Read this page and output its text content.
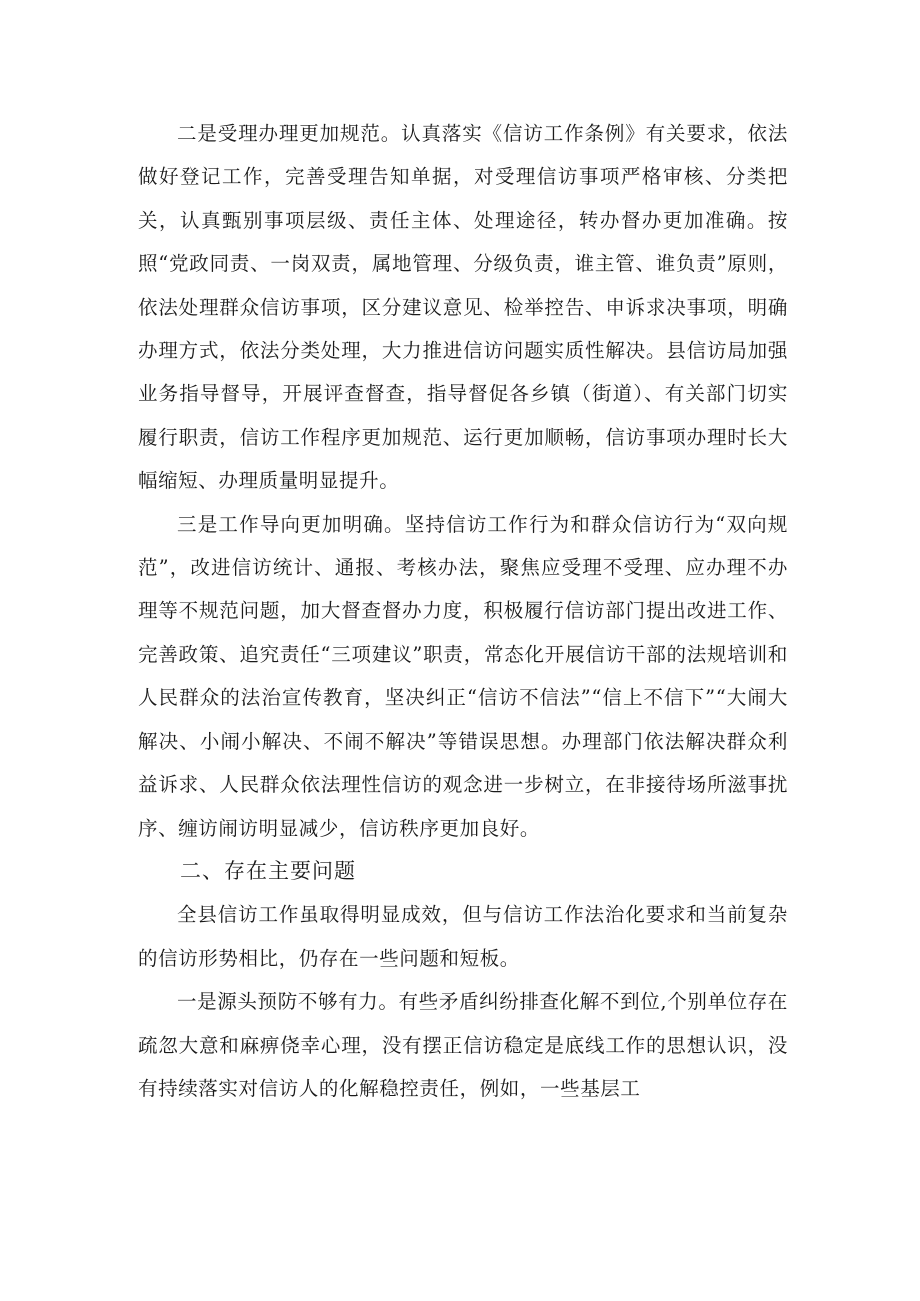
二是受理办理更加规范。认真落实《信访工作条例》有关要求，依法做好登记工作，完善受理告知单据，对受理信访事项严格审核、分类把关，认真甄别事项层级、责任主体、处理途径，转办督办更加准确。按照“党政同责、一岗双责，属地管理、分级负责，谁主管、谁负责”原则，依法处理群众信访事项，区分建议意见、检举控告、申诉求决事项，明确办理方式，依法分类处理，大力推进信访问题实质性解决。县信访局加强业务指导督导，开展评查督查，指导督促各乡镇（街道）、有关部门切实履行职责，信访工作程序更加规范、运行更加顺畅，信访事项办理时长大幅缩短、办理质量明显提升。

三是工作导向更加明确。坚持信访工作行为和群众信访行为“双向规范”，改进信访统计、通报、考核办法，聚焦应受理不受理、应办理不办理等不规范问题，加大督查督办力度，积极履行信访部门提出改进工作、完善政策、追究责任“三项建议”职责，常态化开展信访干部的法规培训和人民群众的法治宣传教育，坚决纠正“信访不信法”“信上不信下”“大闹大解决、小闹小解决、不闹不解决”等错误思想。办理部门依法解决群众利益诉求、人民群众依法理性信访的观念进一步树立，在非接待场所滋事扰序、缠访闹访明显减少，信访秩序更加良好。

二、存在主要问题

全县信访工作虽取得明显成效，但与信访工作法治化要求和当前复杂的信访形势相比，仍存在一些问题和短板。

一是源头预防不够有力。有些矛盾纠纷排查化解不到位,个别单位存在疏忽大意和麻痹侥幸心理，没有摆正信访稳定是底线工作的思想认识，没有持续落实对信访人的化解稳控责任，例如，一些基层工
